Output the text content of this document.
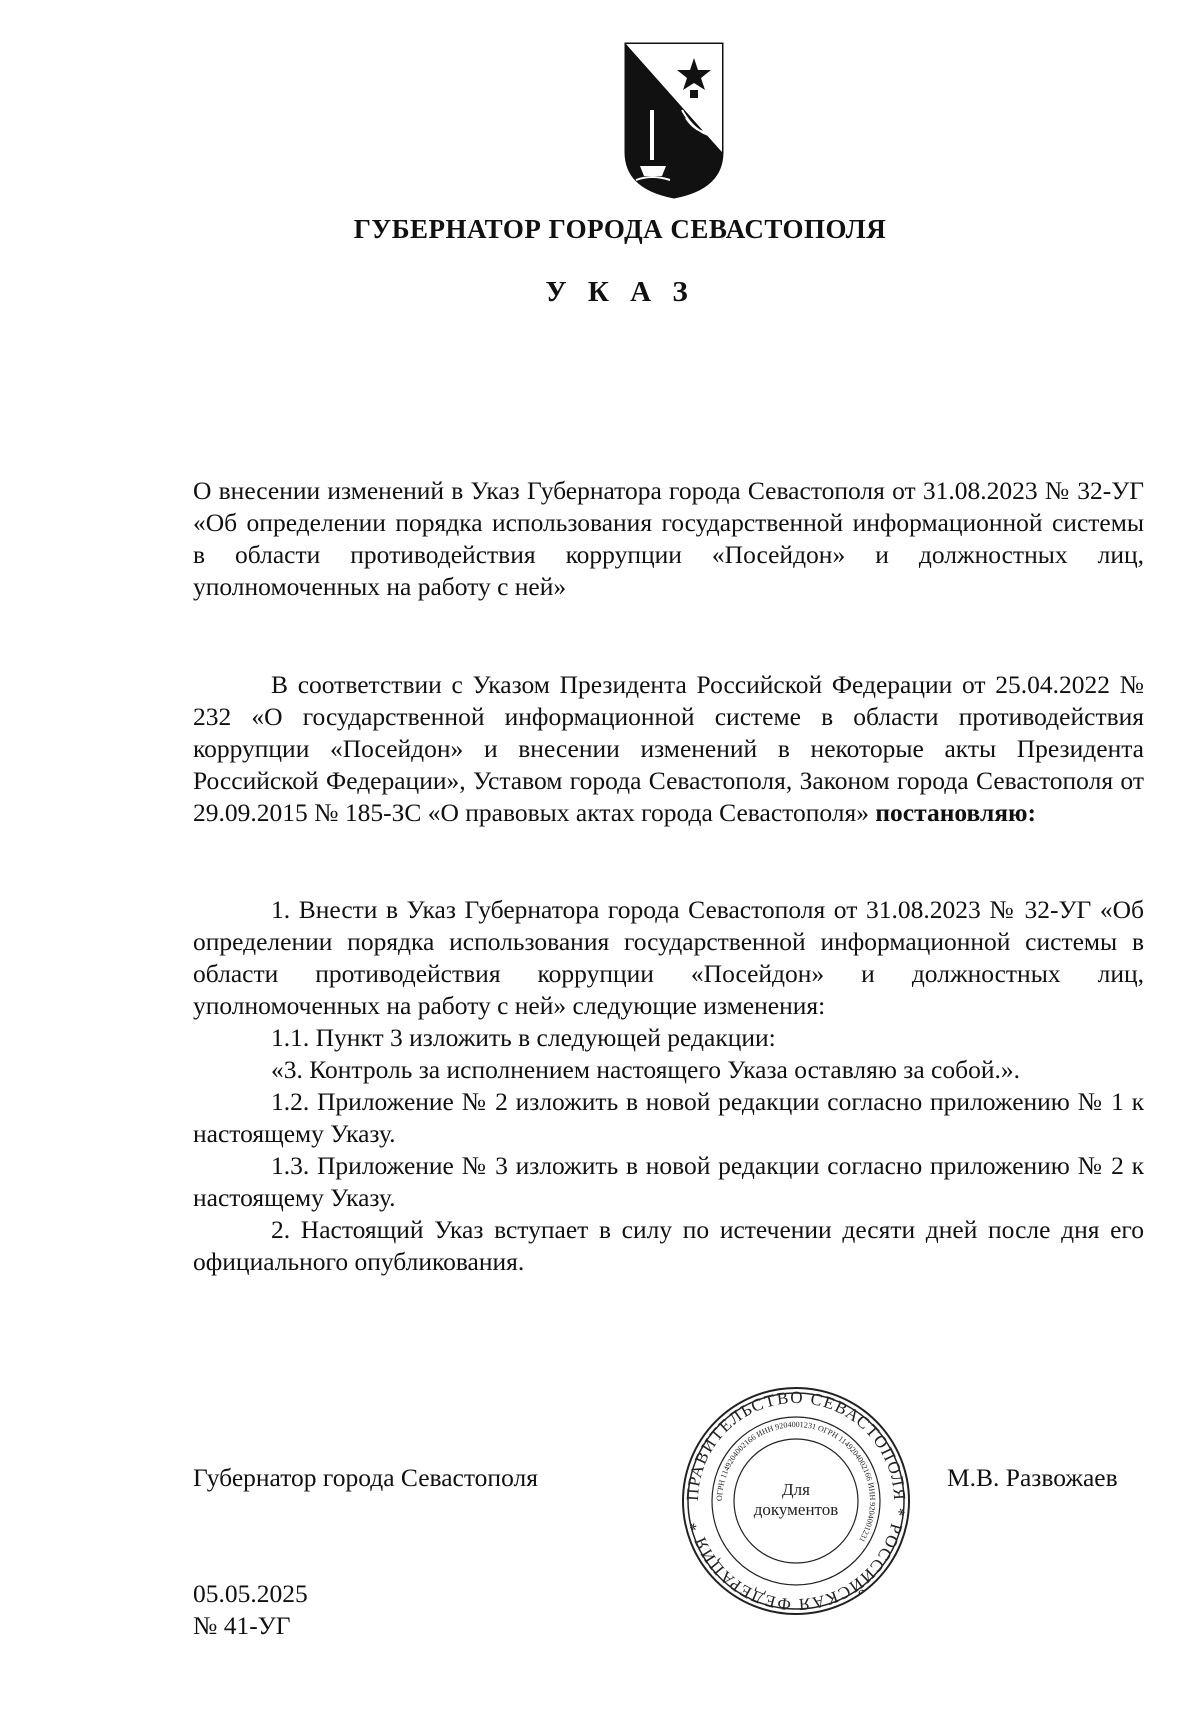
ГУБЕРНАТОР ГОРОДА СЕВАСТОПОЛЯ
У К А З
О внесении изменений в Указ Губернатора города Севастополя от 31.08.2023 № 32-УГ «Об определении порядка использования государственной информационной системы в области противодействия коррупции «Посейдон» и должностных лиц, уполномоченных на работу с ней»

В соответствии с Указом Президента Российской Федерации от 25.04.2022 № 232 «О государственной информационной системе в области противодействия коррупции «Посейдон» и внесении изменений в некоторые акты Президента Российской Федерации», Уставом города Севастополя, Законом города Севастополя от 29.09.2015 № 185-ЗС «О правовых актах города Севастополя» постановляю:

1. Внести в Указ Губернатора города Севастополя от 31.08.2023 № 32-УГ «Об определении порядка использования государственной информационной системы в области противодействия коррупции «Посейдон» и должностных лиц, уполномоченных на работу с ней» следующие изменения:

1.1. Пункт 3 изложить в следующей редакции:

«3. Контроль за исполнением настоящего Указа оставляю за собой.».

1.2. Приложение № 2 изложить в новой редакции согласно приложению № 1 к настоящему Указу.

1.3. Приложение № 3 изложить в новой редакции согласно приложению № 2 к настоящему Указу.

2. Настоящий Указ вступает в силу по истечении десяти дней после дня его официального опубликования.

Губернатор города Севастополя	М.В. Развожаев
ПРАВИТЕЛЬСТВО СЕВАСТОПОЛЯ * РОССИЙСКАЯ ФЕДЕРАЦИЯ *
ОГРН 1149204002166 ИНН 9204001231 ОГРН 1149204002166 ИНН 9204001231
Для
документов
05.05.2025
№ 41-УГ
